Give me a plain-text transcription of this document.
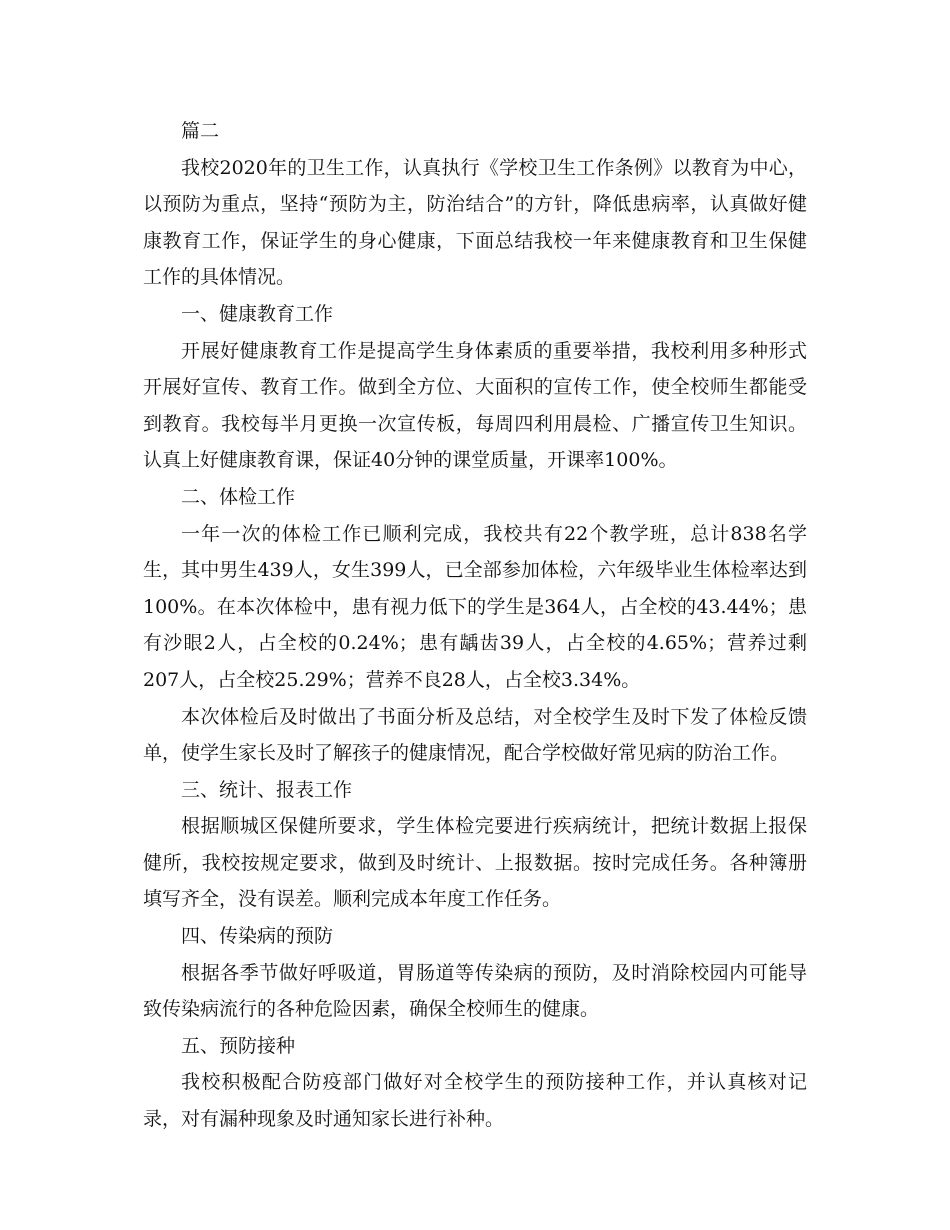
篇二

我校2020年的卫生工作，认真执行《学校卫生工作条例》以教育为中心，以预防为重点，坚持“预防为主，防治结合”的方针，降低患病率，认真做好健康教育工作，保证学生的身心健康，下面总结我校一年来健康教育和卫生保健工作的具体情况。

一、健康教育工作

开展好健康教育工作是提高学生身体素质的重要举措，我校利用多种形式开展好宣传、教育工作。做到全方位、大面积的宣传工作，使全校师生都能受到教育。我校每半月更换一次宣传板，每周四利用晨检、广播宣传卫生知识。认真上好健康教育课，保证40分钟的课堂质量，开课率100%。

二、体检工作

一年一次的体检工作已顺利完成，我校共有22个教学班，总计838名学生，其中男生439人，女生399人，已全部参加体检，六年级毕业生体检率达到100%。在本次体检中，患有视力低下的学生是364人，占全校的43.44%；患有沙眼2人，占全校的0.24%；患有龋齿39人，占全校的4.65%；营养过剩207人，占全校25.29%；营养不良28人，占全校3.34%。

本次体检后及时做出了书面分析及总结，对全校学生及时下发了体检反馈单，使学生家长及时了解孩子的健康情况，配合学校做好常见病的防治工作。

三、统计、报表工作

根据顺城区保健所要求，学生体检完要进行疾病统计，把统计数据上报保健所，我校按规定要求，做到及时统计、上报数据。按时完成任务。各种簿册填写齐全，没有误差。顺利完成本年度工作任务。

四、传染病的预防

根据各季节做好呼吸道，胃肠道等传染病的预防，及时消除校园内可能导致传染病流行的各种危险因素，确保全校师生的健康。

五、预防接种

我校积极配合防疫部门做好对全校学生的预防接种工作，并认真核对记录，对有漏种现象及时通知家长进行补种。
